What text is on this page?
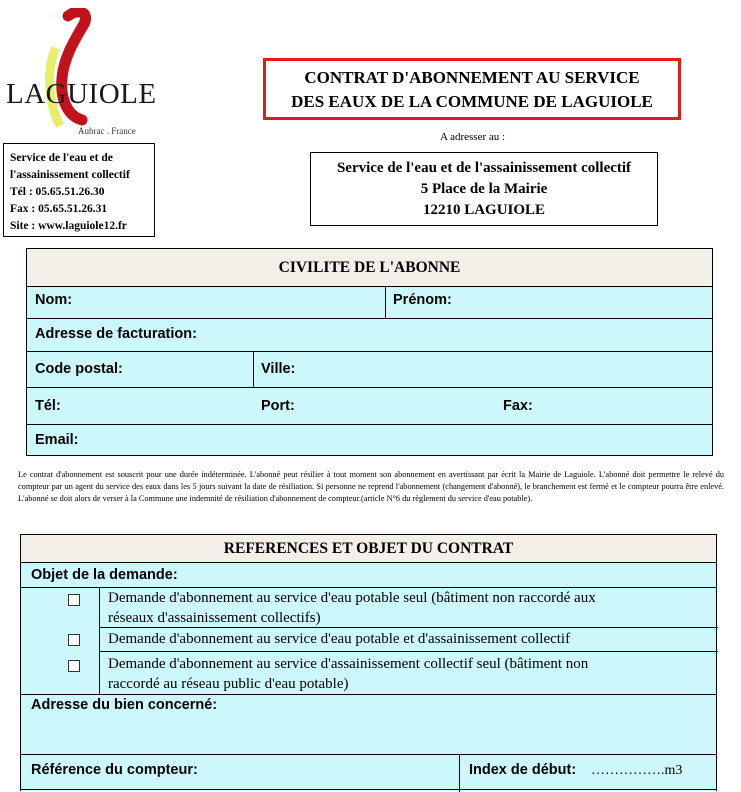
LAGUIOLE
Aubrac . France
Service de l'eau et de
l'assainissement collectif
Tél : 05.65.51.26.30
Fax : 05.65.51.26.31
Site : www.laguiole12.fr
CONTRAT D'ABONNEMENT AU SERVICE
DES EAUX DE LA COMMUNE DE LAGUIOLE
A adresser au :
Service de l'eau et de l'assainissement collectif
5 Place de la Mairie
12210 LAGUIOLE
CIVILITE DE L'ABONNE
Nom:	Prénom:
Adresse de facturation:
Code postal:	Ville:
Tél:	Port:	Fax:
Email:
Le contrat d'abonnement est souscrit pour une durée indéterminée. L'abonné peut résilier à tout moment son abonnement en avertissant par écrit la Mairie de Laguiole. L'abonné doit permettre le relevé du compteur par un agent du service des eaux dans les 5 jours suivant la date de résiliation. Si personne ne reprend l'abonnement (changement d'abonné), le branchement est fermé et le compteur pourra être enlevé. L'abonné se doit alors de verser à la Commune une indemnité de résiliation d'abonnement de compteur.(article N°6 du règlement du service d'eau potable).
REFERENCES ET OBJET DU CONTRAT
Objet de la demande:
Demande d'abonnement au service d'eau potable seul (bâtiment non raccordé aux
réseaux d'assainissement collectifs)
Demande d'abonnement au service d'eau potable et d'assainissement collectif
Demande d'abonnement au service d'assainissement collectif seul (bâtiment non
raccordé au réseau public d'eau potable)
Adresse du bien concerné:
Référence du compteur:	Index de début: …………….m3
